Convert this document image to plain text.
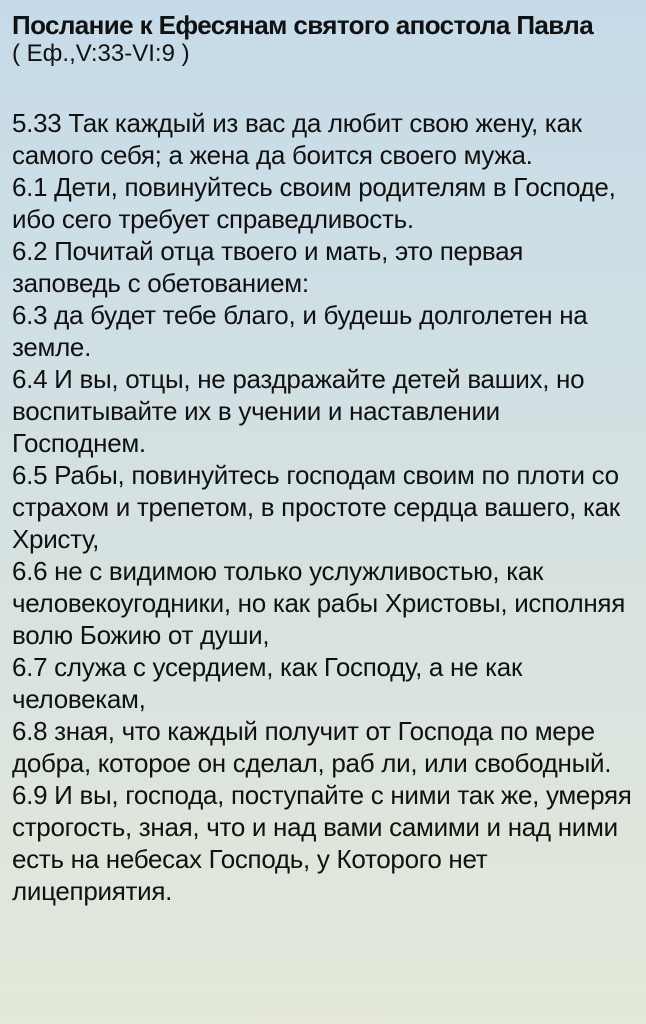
Послание к Ефесянам святого апостола Павла
( Еф.,V:33-VI:9 )

5.33 Так каждый из вас да любит свою жену, как самого себя; а жена да боится своего мужа.

6.1 Дети, повинуйтесь своим родителям в Господе, ибо сего требует справедливость.

6.2 Почитай отца твоего и мать, это первая заповедь с обетованием:

6.3 да будет тебе благо, и будешь долголетен на земле.

6.4 И вы, отцы, не раздражайте детей ваших, но воспитывайте их в учении и наставлении Господнем.

6.5 Рабы, повинуйтесь господам своим по плоти со страхом и трепетом, в простоте сердца вашего, как Христу,

6.6 не с видимою только услужливостью, как человекоугодники, но как рабы Христовы, исполняя волю Божию от души,

6.7 служа с усердием, как Господу, а не как человекам,

6.8 зная, что каждый получит от Господа по мере добра, которое он сделал, раб ли, или свободный.

6.9 И вы, господа, поступайте с ними так же, умеряя строгость, зная, что и над вами самими и над ними есть на небесах Господь, у Которого нет лицеприятия.
